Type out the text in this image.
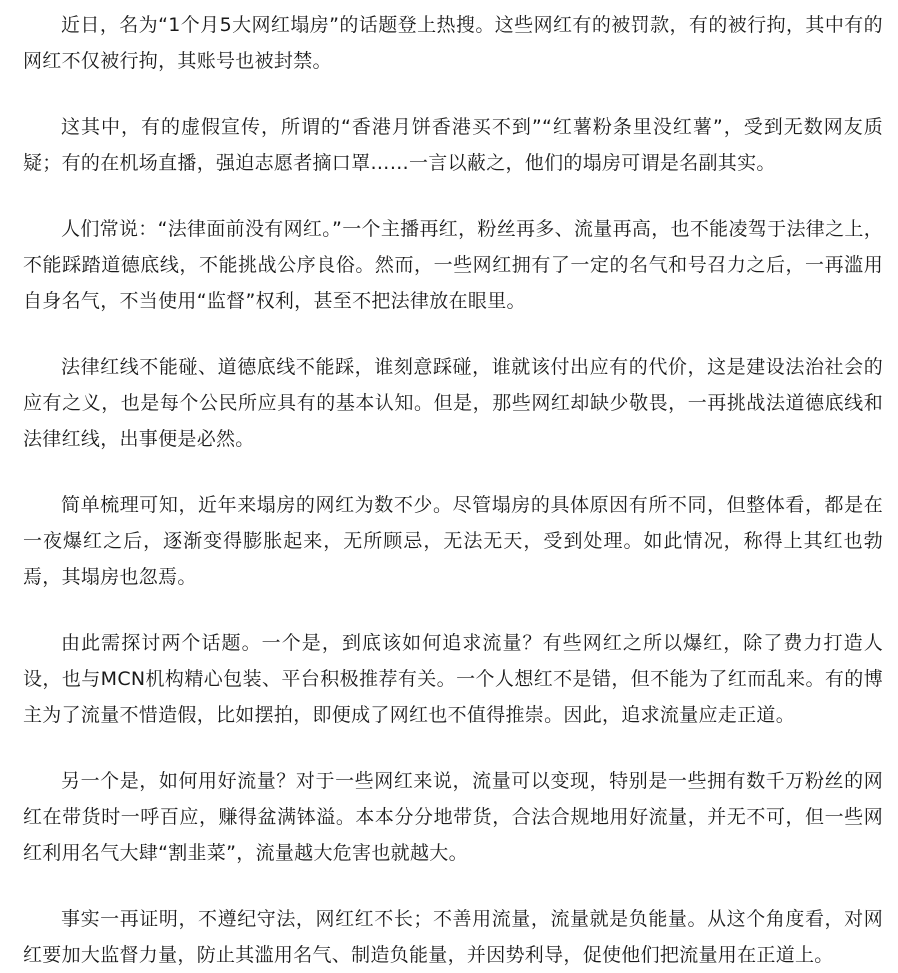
近日，名为“1个月5大网红塌房”的话题登上热搜。这些网红有的被罚款，有的被行拘，其中有的网红不仅被行拘，其账号也被封禁。

这其中，有的虚假宣传，所谓的“香港月饼香港买不到”“红薯粉条里没红薯”，受到无数网友质疑；有的在机场直播，强迫志愿者摘口罩……一言以蔽之，他们的塌房可谓是名副其实。

人们常说：“法律面前没有网红。”一个主播再红，粉丝再多、流量再高，也不能凌驾于法律之上，不能踩踏道德底线，不能挑战公序良俗。然而，一些网红拥有了一定的名气和号召力之后，一再滥用自身名气，不当使用“监督”权利，甚至不把法律放在眼里。

法律红线不能碰、道德底线不能踩，谁刻意踩碰，谁就该付出应有的代价，这是建设法治社会的应有之义，也是每个公民所应具有的基本认知。但是，那些网红却缺少敬畏，一再挑战法道德底线和法律红线，出事便是必然。

简单梳理可知，近年来塌房的网红为数不少。尽管塌房的具体原因有所不同，但整体看，都是在一夜爆红之后，逐渐变得膨胀起来，无所顾忌，无法无天，受到处理。如此情况，称得上其红也勃焉，其塌房也忽焉。

由此需探讨两个话题。一个是，到底该如何追求流量？有些网红之所以爆红，除了费力打造人设，也与MCN机构精心包装、平台积极推荐有关。一个人想红不是错，但不能为了红而乱来。有的博主为了流量不惜造假，比如摆拍，即便成了网红也不值得推崇。因此，追求流量应走正道。

另一个是，如何用好流量？对于一些网红来说，流量可以变现，特别是一些拥有数千万粉丝的网红在带货时一呼百应，赚得盆满钵溢。本本分分地带货，合法合规地用好流量，并无不可，但一些网红利用名气大肆“割韭菜”，流量越大危害也就越大。

事实一再证明，不遵纪守法，网红红不长；不善用流量，流量就是负能量。从这个角度看，对网红要加大监督力量，防止其滥用名气、制造负能量，并因势利导，促使他们把流量用在正道上。
